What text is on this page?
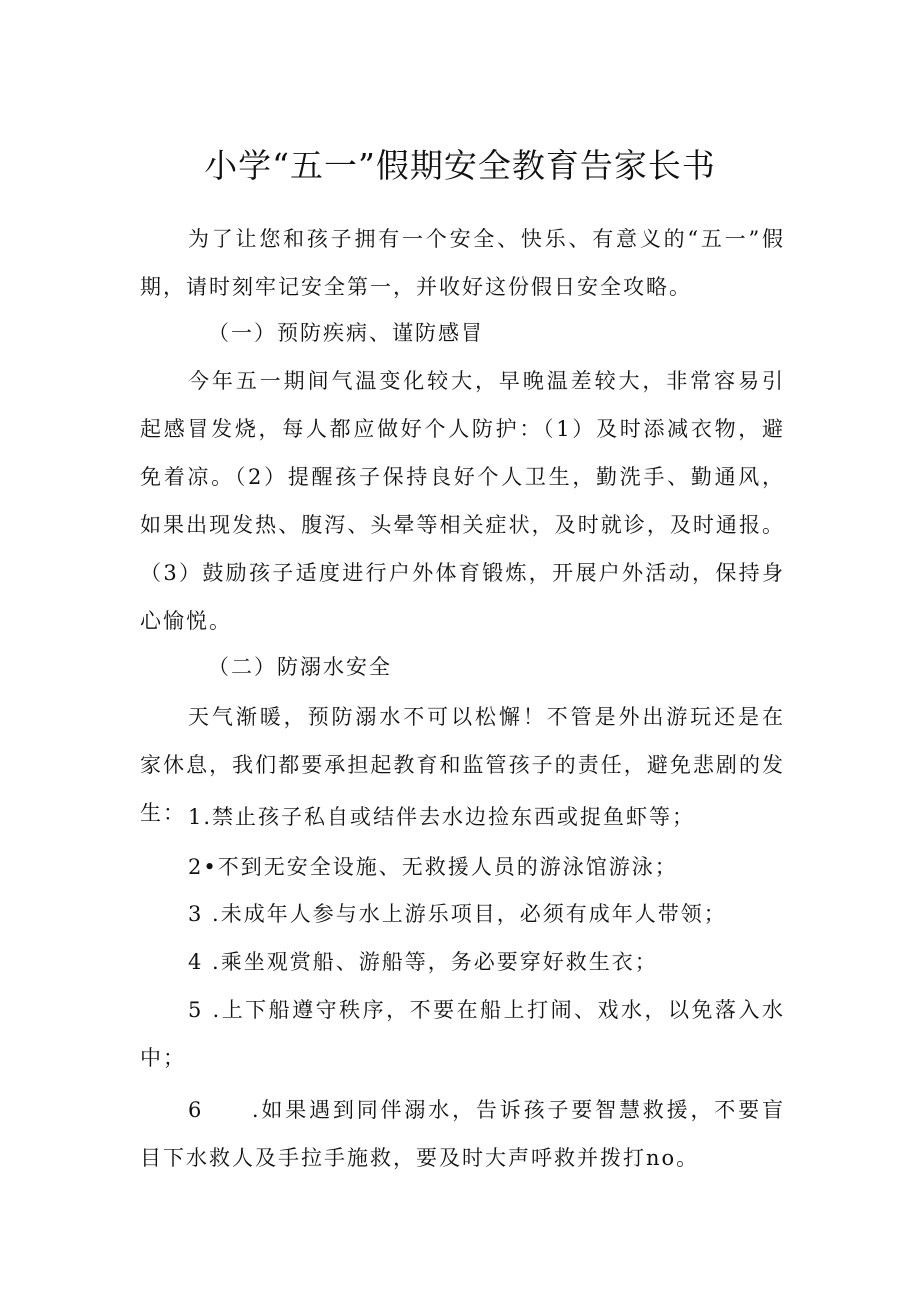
小学“五一”假期安全教育告家长书
为了让您和孩子拥有一个安全、快乐、有意义的“五一”假期，请时刻牢记安全第一，并收好这份假日安全攻略。
（一）预防疾病、谨防感冒
今年五一期间气温变化较大，早晚温差较大，非常容易引起感冒发烧，每人都应做好个人防护：（1）及时添减衣物，避免着凉。（2）提醒孩子保持良好个人卫生，勤洗手、勤通风，如果出现发热、腹泻、头晕等相关症状，及时就诊，及时通报。（3）鼓励孩子适度进行户外体育锻炼，开展户外活动，保持身心愉悦。
（二）防溺水安全
天气渐暖，预防溺水不可以松懈！不管是外出游玩还是在家休息，我们都要承担起教育和监管孩子的责任，避免悲剧的发生： 1.禁止孩子私自或结伴去水边捡东西或捉鱼虾等；
2•不到无安全设施、无救援人员的游泳馆游泳；
3 .未成年人参与水上游乐项目，必须有成年人带领；
4 .乘坐观赏船、游船等，务必要穿好救生衣；
5 .上下船遵守秩序，不要在船上打闹、戏水，以免落入水中；
6　　.如果遇到同伴溺水，告诉孩子要智慧救援，不要盲目下水救人及手拉手施救，要及时大声呼救并拨打no。
